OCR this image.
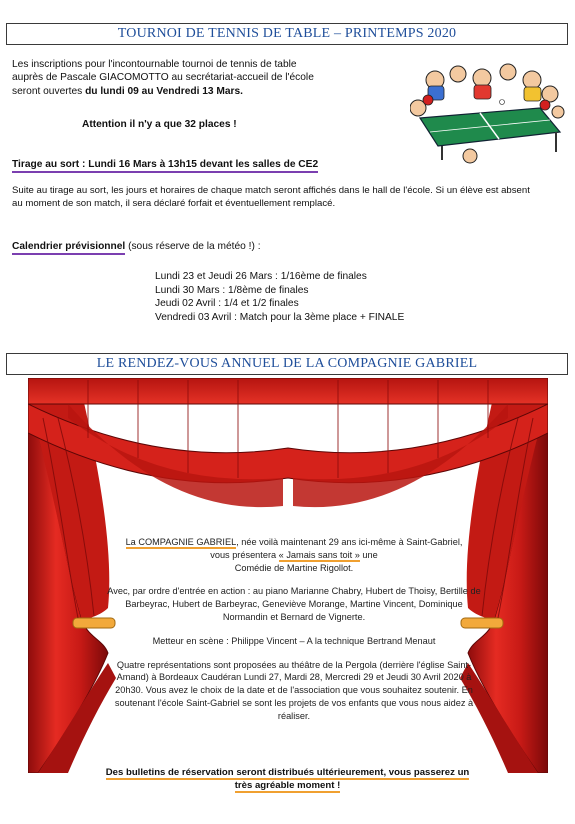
TOURNOI DE TENNIS DE TABLE – PRINTEMPS 2020
Les inscriptions pour l'incontournable tournoi de tennis de table
auprès de Pascale GIACOMOTTO au secrétariat-accueil de l'école
seront ouvertes du lundi 09 au Vendredi 13 Mars.
Attention il n'y a que 32 places !
Tirage au sort : Lundi 16 Mars à 13h15 devant les salles de CE2
Suite au tirage au sort, les jours et horaires de chaque match seront affichés dans le hall de l'école. Si un élève est absent
au moment de son match, il sera déclaré forfait et éventuellement remplacé.
Calendrier prévisionnel (sous réserve de la météo !) :
Lundi 23 et Jeudi 26 Mars : 1/16ème de finales
Lundi 30 Mars : 1/8ème de finales
Jeudi 02 Avril : 1/4 et 1/2 finales
Vendredi 03 Avril : Match pour la 3ème place + FINALE
LE RENDEZ-VOUS ANNUEL DE LA COMPAGNIE GABRIEL

La COMPAGNIE GABRIEL, née voilà maintenant 29 ans ici-même à Saint-Gabriel,
vous présentera « Jamais sans toit » une
Comédie de Martine Rigollot.

Avec, par ordre d'entrée en action : au piano Marianne Chabry, Hubert de Thoisy, Bertille de Barbeyrac, Hubert de Barbeyrac, Geneviève Morange, Martine Vincent, Dominique Normandin et Bernard de Vignerte.

Metteur en scène : Philippe Vincent – A la technique Bertrand Menaut

Quatre représentations sont proposées au théâtre de la Pergola (derrière l'église Saint-Amand) à Bordeaux Caudéran Lundi 27, Mardi 28, Mercredi 29 et Jeudi 30 Avril 2020 à 20h30. Vous avez le choix de la date et de l'association que vous souhaitez soutenir. En soutenant l'école Saint-Gabriel se sont les projets de vos enfants que vous nous aidez à réaliser.

Des bulletins de réservation seront distribués ultérieurement, vous passerez un
très agréable moment !
